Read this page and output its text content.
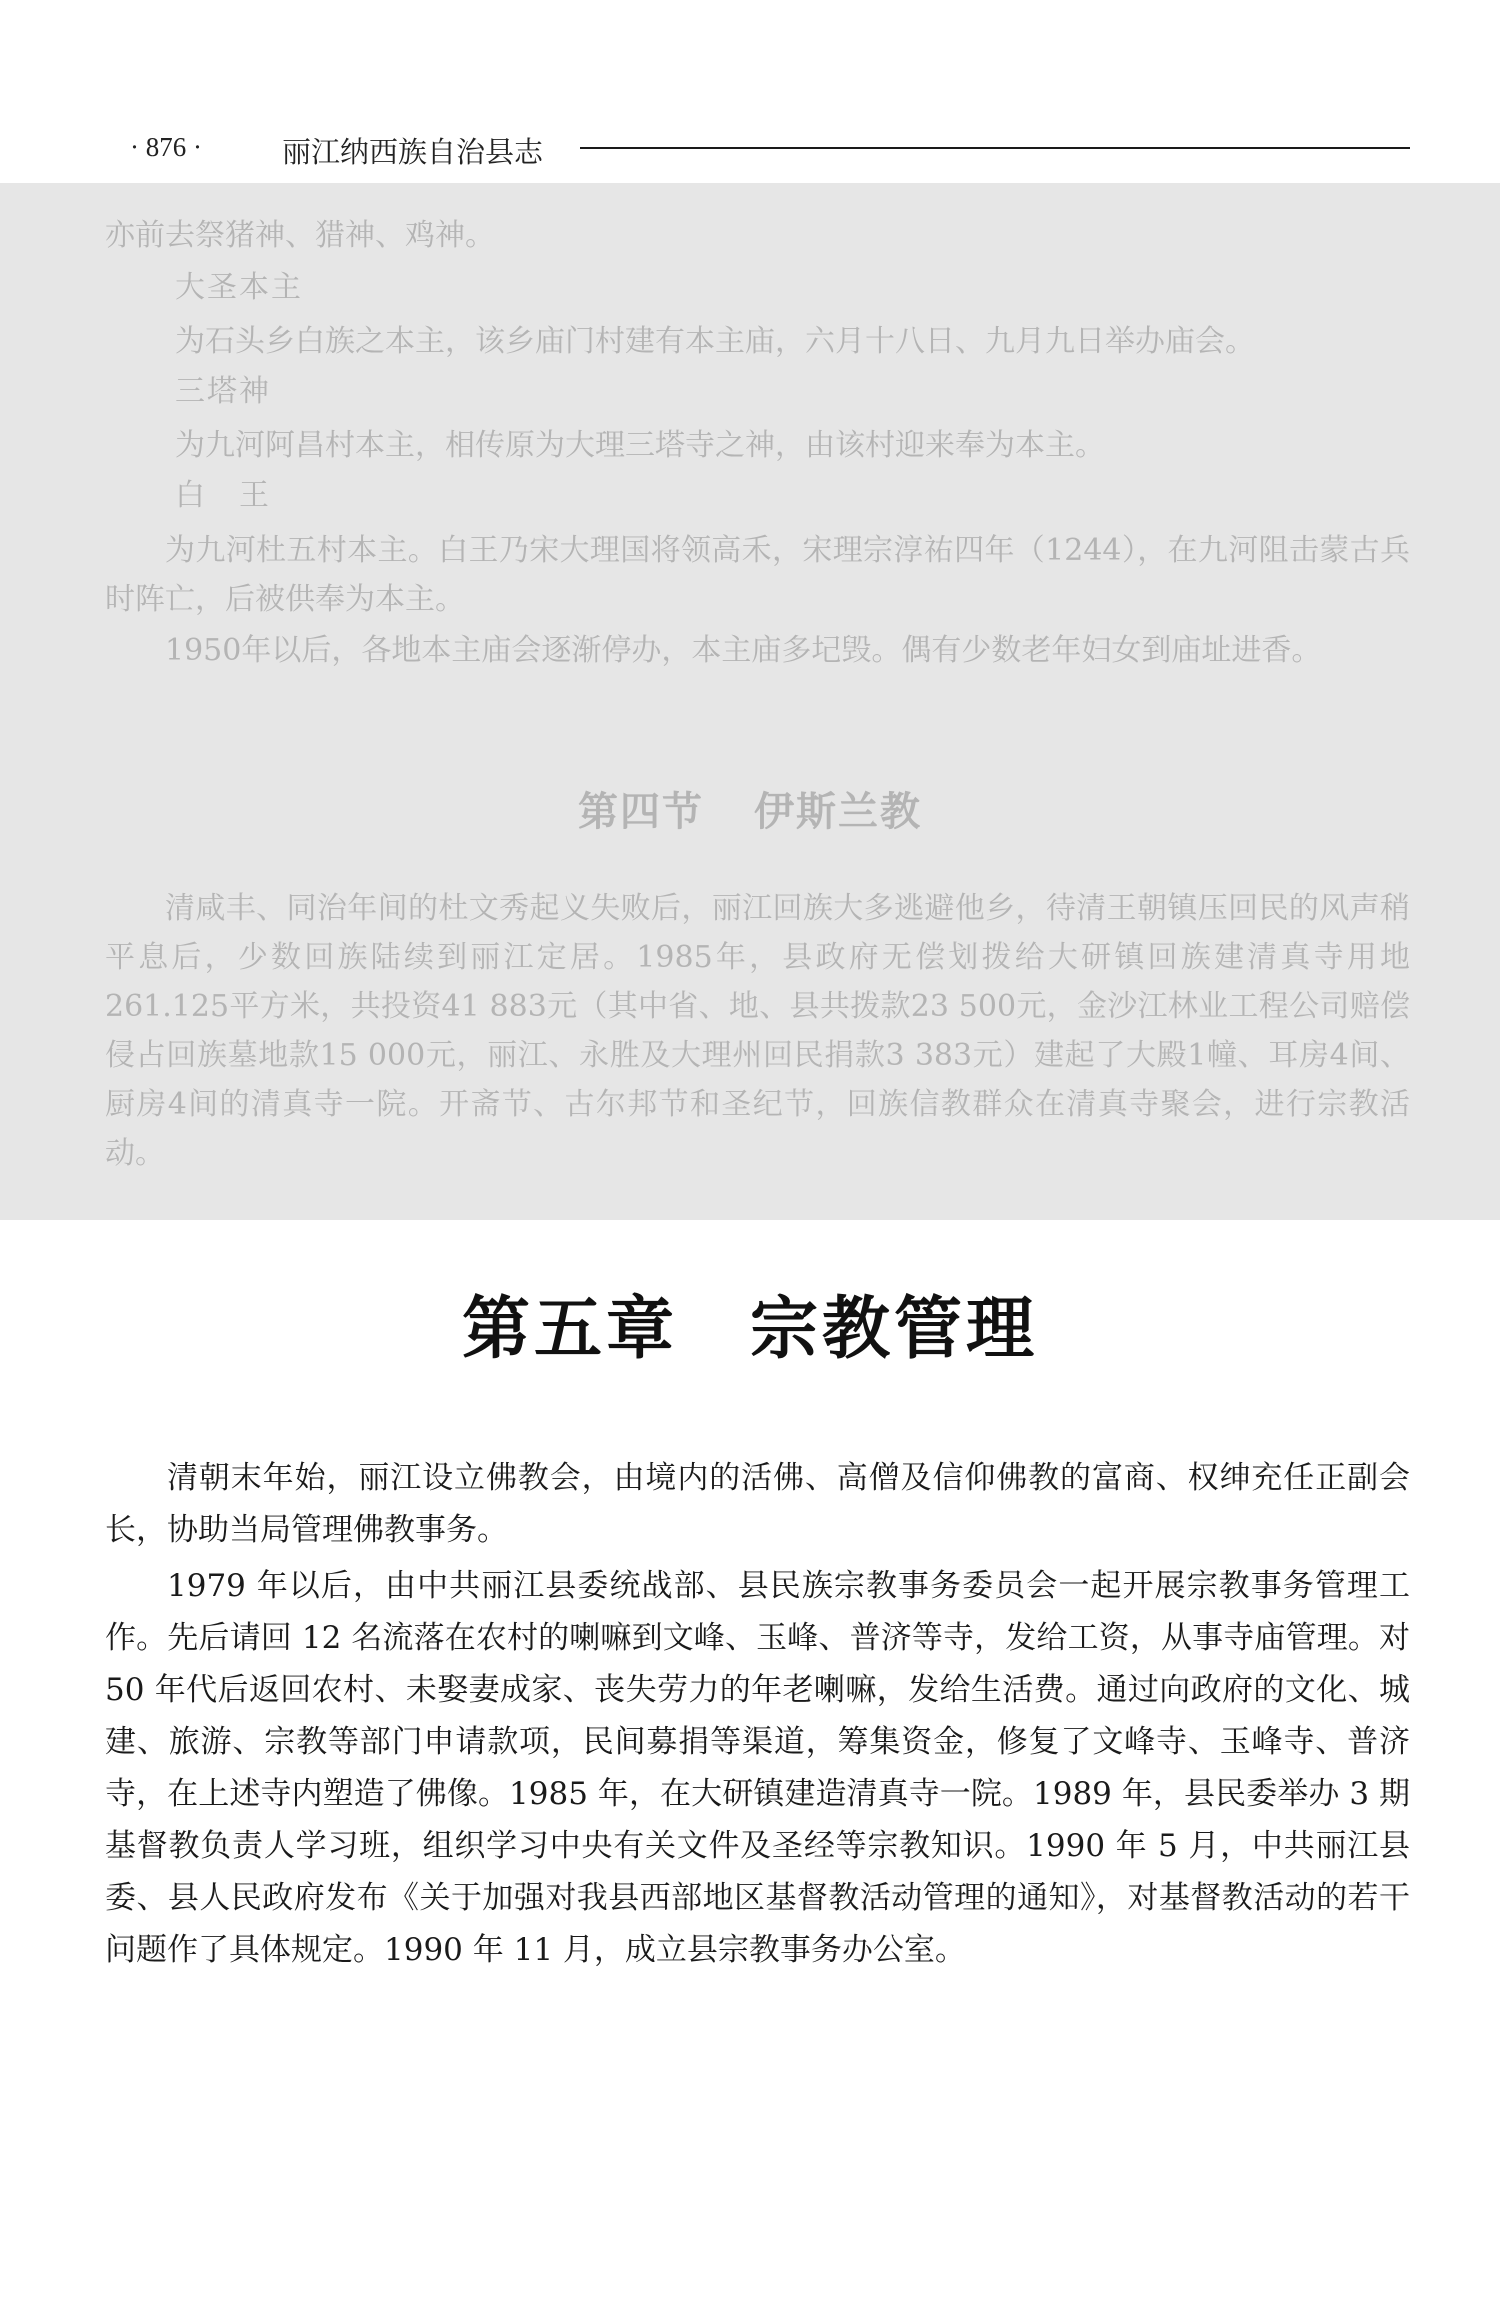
· 876 ·	丽江纳西族自治县志
亦前去祭猪神、猎神、鸡神。
大圣本主
为石头乡白族之本主，该乡庙门村建有本主庙，六月十八日、九月九日举办庙会。
三塔神
为九河阿昌村本主，相传原为大理三塔寺之神，由该村迎来奉为本主。
白　王

为九河杜五村本主。白王乃宋大理国将领高禾，宋理宗淳祐四年（1244），在九河阻击蒙古兵时阵亡，后被供奉为本主。

1950年以后，各地本主庙会逐渐停办，本主庙多圮毁。偶有少数老年妇女到庙址进香。

第四节 伊斯兰教

清咸丰、同治年间的杜文秀起义失败后，丽江回族大多逃避他乡，待清王朝镇压回民的风声稍平息后，少数回族陆续到丽江定居。1985年，县政府无偿划拨给大研镇回族建清真寺用地261.125平方米，共投资41 883元（其中省、地、县共拨款23 500元，金沙江林业工程公司赔偿侵占回族墓地款15 000元，丽江、永胜及大理州回民捐款3 383元）建起了大殿1幢、耳房4间、厨房4间的清真寺一院。开斋节、古尔邦节和圣纪节，回族信教群众在清真寺聚会，进行宗教活动。

第五章 宗教管理

清朝末年始，丽江设立佛教会，由境内的活佛、高僧及信仰佛教的富商、权绅充任正副会长，协助当局管理佛教事务。

1979 年以后，由中共丽江县委统战部、县民族宗教事务委员会一起开展宗教事务管理工作。先后请回 12 名流落在农村的喇嘛到文峰、玉峰、普济等寺，发给工资，从事寺庙管理。对 50 年代后返回农村、未娶妻成家、丧失劳力的年老喇嘛，发给生活费。通过向政府的文化、城建、旅游、宗教等部门申请款项，民间募捐等渠道，筹集资金，修复了文峰寺、玉峰寺、普济寺，在上述寺内塑造了佛像。1985 年，在大研镇建造清真寺一院。1989 年，县民委举办 3 期基督教负责人学习班，组织学习中央有关文件及圣经等宗教知识。1990 年 5 月，中共丽江县委、县人民政府发布《关于加强对我县西部地区基督教活动管理的通知》，对基督教活动的若干问题作了具体规定。1990 年 11 月，成立县宗教事务办公室。
